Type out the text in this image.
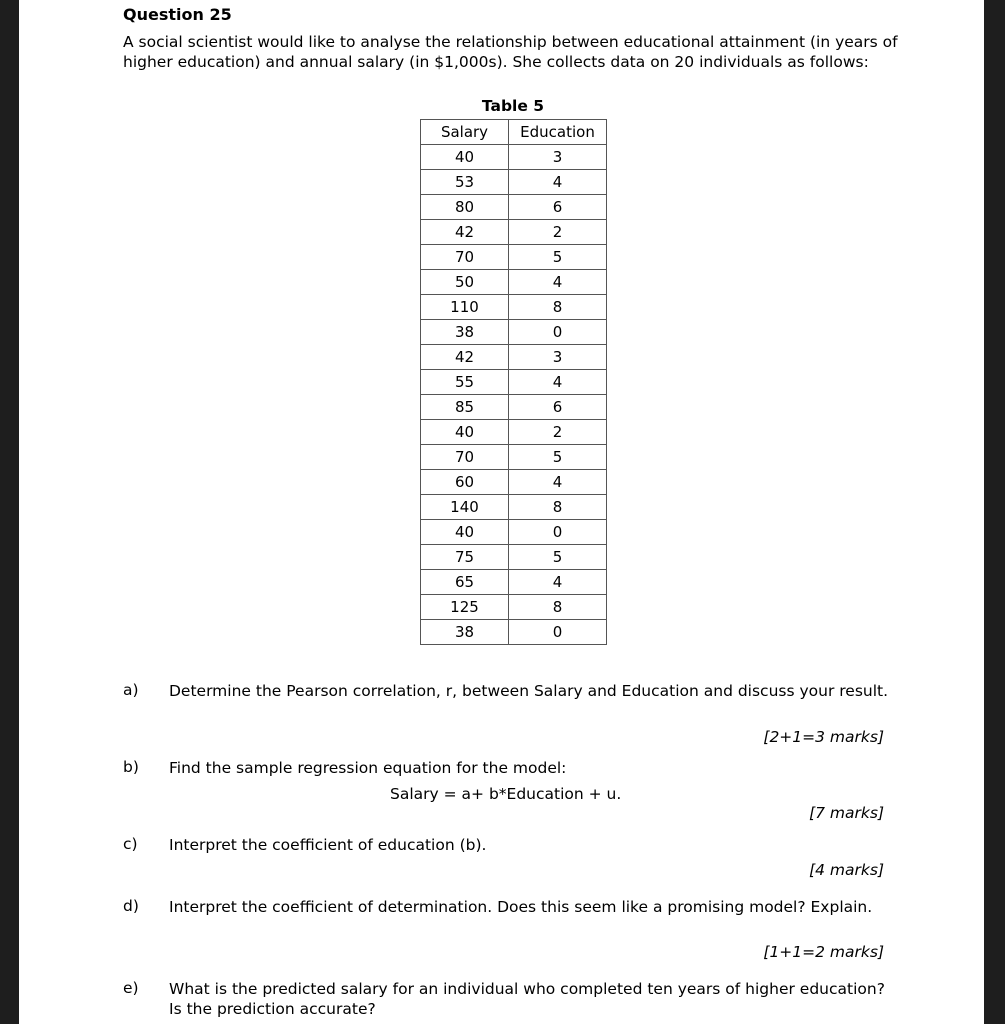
Question 25
A social scientist would like to analyse the relationship between educational attainment (in years of higher education) and annual salary (in $1,000s). She collects data on 20 individuals as follows:
Table 5
Salary	Education
40	3
53	4
80	6
42	2
70	5
50	4
110	8
38	0
42	3
55	4
85	6
40	2
70	5
60	4
140	8
40	0
75	5
65	4
125	8
38	0
a) Determine the Pearson correlation, r, between Salary and Education and discuss your result.
[2+1=3 marks]
b) Find the sample regression equation for the model:
Salary = a+ b*Education + u.
[7 marks]
c) Interpret the coefficient of education (b).
[4 marks]
d) Interpret the coefficient of determination. Does this seem like a promising model? Explain.
[1+1=2 marks]
e) What is the predicted salary for an individual who completed ten years of higher education? Is the prediction accurate?
